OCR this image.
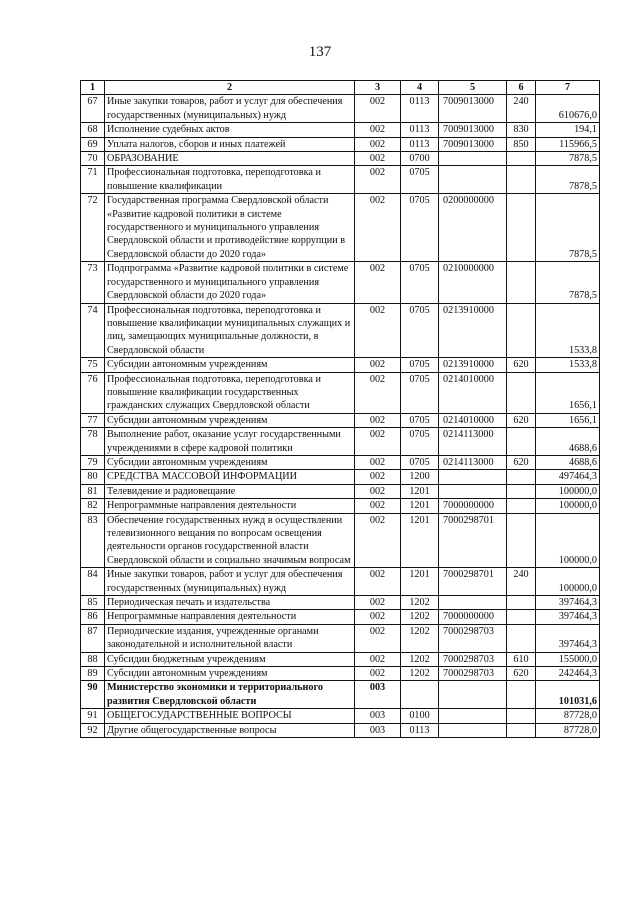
137
1	2	3	4	5	6	7
67	Иные закупки товаров, работ и услуг для обеспечения государственных (муниципальных) нужд	002	0113	7009013000	240	610676,0
68	Исполнение судебных актов	002	0113	7009013000	830	194,1
69	Уплата налогов, сборов и иных платежей	002	0113	7009013000	850	115966,5
70	ОБРАЗОВАНИЕ	002	0700			7878,5
71	Профессиональная подготовка, переподготовка и повышение квалификации	002	0705			7878,5
72	Государственная программа Свердловской области «Развитие кадровой политики в системе государственного и муниципального управления Свердловской области и противодействие коррупции в Свердловской области до 2020 года»	002	0705	0200000000		7878,5
73	Подпрограмма «Развитие кадровой политики в системе государственного и муниципального управления Свердловской области до 2020 года»	002	0705	0210000000		7878,5
74	Профессиональная подготовка, переподготовка и повышение квалификации муниципальных служащих и лиц, замещающих муниципальные должности, в Свердловской области	002	0705	0213910000		1533,8
75	Субсидии автономным учреждениям	002	0705	0213910000	620	1533,8
76	Профессиональная подготовка, переподготовка и повышение квалификации государственных гражданских служащих Свердловской области	002	0705	0214010000		1656,1
77	Субсидии автономным учреждениям	002	0705	0214010000	620	1656,1
78	Выполнение работ, оказание услуг государственными учреждениями в сфере кадровой политики	002	0705	0214113000		4688,6
79	Субсидии автономным учреждениям	002	0705	0214113000	620	4688,6
80	СРЕДСТВА МАССОВОЙ ИНФОРМАЦИИ	002	1200			497464,3
81	Телевидение и радиовещание	002	1201			100000,0
82	Непрограммные направления деятельности	002	1201	7000000000		100000,0
83	Обеспечение государственных нужд в осуществлении телевизионного вещания по вопросам освещения деятельности органов государственной власти Свердловской области и социально значимым вопросам	002	1201	7000298701		100000,0
84	Иные закупки товаров, работ и услуг для обеспечения государственных (муниципальных) нужд	002	1201	7000298701	240	100000,0
85	Периодическая печать и издательства	002	1202			397464,3
86	Непрограммные направления деятельности	002	1202	7000000000		397464,3
87	Периодические издания, учрежденные органами законодательной и исполнительной власти	002	1202	7000298703		397464,3
88	Субсидии бюджетным учреждениям	002	1202	7000298703	610	155000,0
89	Субсидии автономным учреждениям	002	1202	7000298703	620	242464,3
90	Министерство экономики и территориального развития Свердловской области	003				101031,6
91	ОБЩЕГОСУДАРСТВЕННЫЕ ВОПРОСЫ	003	0100			87728,0
92	Другие общегосударственные вопросы	003	0113			87728,0
